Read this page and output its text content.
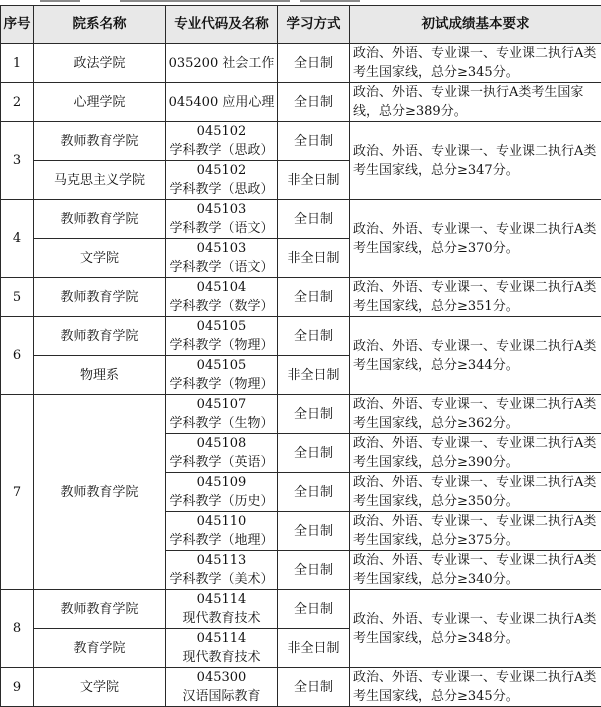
序号	院系名称	专业代码及名称	学习方式	初试成绩基本要求
1	政法学院	035200 社会工作	全日制	政治、外语、专业课一、专业课二执行A类考生国家线，总分≥345分。
2	心理学院	045400 应用心理	全日制	政治、外语、专业课一执行A类考生国家线，总分≥389分。
3	教师教育学院	045102
学科教学（思政）	全日制	政治、外语、专业课一、专业课二执行A类考生国家线，总分≥347分。
	马克思主义学院	045102
学科教学（思政）	非全日制	
4	教师教育学院	045103
学科教学（语文）	全日制	政治、外语、专业课一、专业课二执行A类考生国家线，总分≥370分。
	文学院	045103
学科教学（语文）	非全日制	
5	教师教育学院	045104
学科教学（数学）	全日制	政治、外语、专业课一、专业课二执行A类考生国家线，总分≥351分。
6	教师教育学院	045105
学科教学（物理）	全日制	政治、外语、专业课一、专业课二执行A类考生国家线，总分≥344分。
	物理系	045105
学科教学（物理）	非全日制	
7	教师教育学院	045107
学科教学（生物）	全日制	政治、外语、专业课一、专业课二执行A类考生国家线，总分≥362分。

		045108
学科教学（英语）	全日制	政治、外语、专业课一、专业课二执行A类考生国家线，总分≥390分。

		045109
学科教学（历史）	全日制	政治、外语、专业课一、专业课二执行A类考生国家线，总分≥350分。

		045110
学科教学（地理）	全日制	政治、外语、专业课一、专业课二执行A类考生国家线，总分≥375分。

		045113
学科教学（美术）	全日制	政治、外语、专业课一、专业课二执行A类考生国家线，总分≥340分。
8	教师教育学院	045114
现代教育技术	全日制	政治、外语、专业课一、专业课二执行A类考生国家线，总分≥348分。
	教育学院	045114
现代教育技术	非全日制	
9	文学院	045300
汉语国际教育	全日制	政治、外语、专业课一、专业课二执行A类考生国家线，总分≥345分。
